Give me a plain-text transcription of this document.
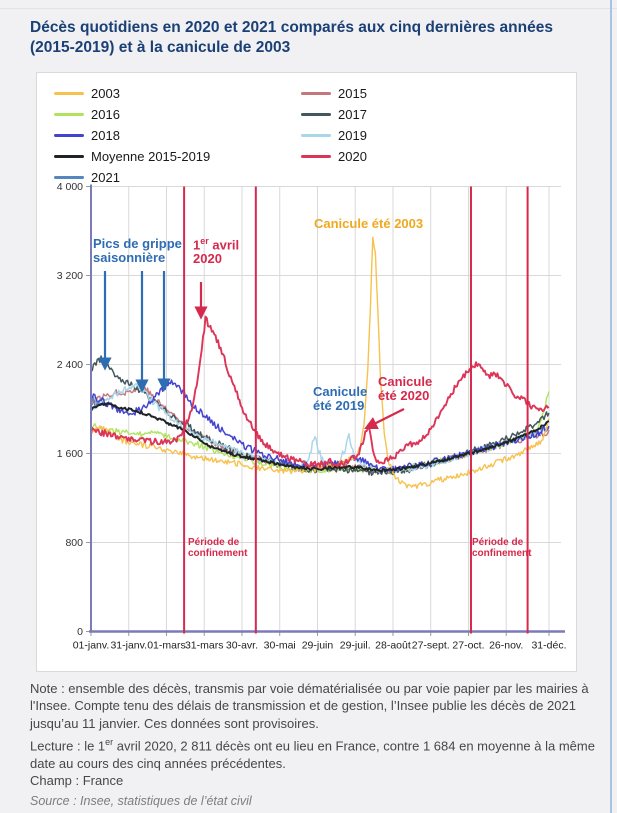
Décès quotidiens en 2020 et 2021 comparés aux cinq dernières années (2015-2019) et à la canicule de 2003
0
800
1 600
2 400
3 200
4 000
01-janv. 31-janv. 01-mars 31-mars 30-avr. 30-mai 29-juin 29-juil. 28-août 27-sept. 27-oct. 26-nov. 31-déc.
2003
2016
2018
Moyenne 2015-2019
2021
2015
2017
2019
2020
Pics de grippe
saisonnière
1er avril
2020
Canicule été 2003
Canicule
été 2019
Canicule
été 2020
Période de
confinement
Période de
confinement
Note : ensemble des décès, transmis par voie dématérialisée ou par voie papier par les mairies à l'Insee. Compte tenu des délais de transmission et de gestion, l’Insee publie les décès de 2021 jusqu’au 11 janvier. Ces données sont provisoires.
Lecture : le 1er avril 2020, 2 811 décès ont eu lieu en France, contre 1 684 en moyenne à la même date au cours des cinq années précédentes.
Champ : France
Source : Insee, statistiques de l’état civil
